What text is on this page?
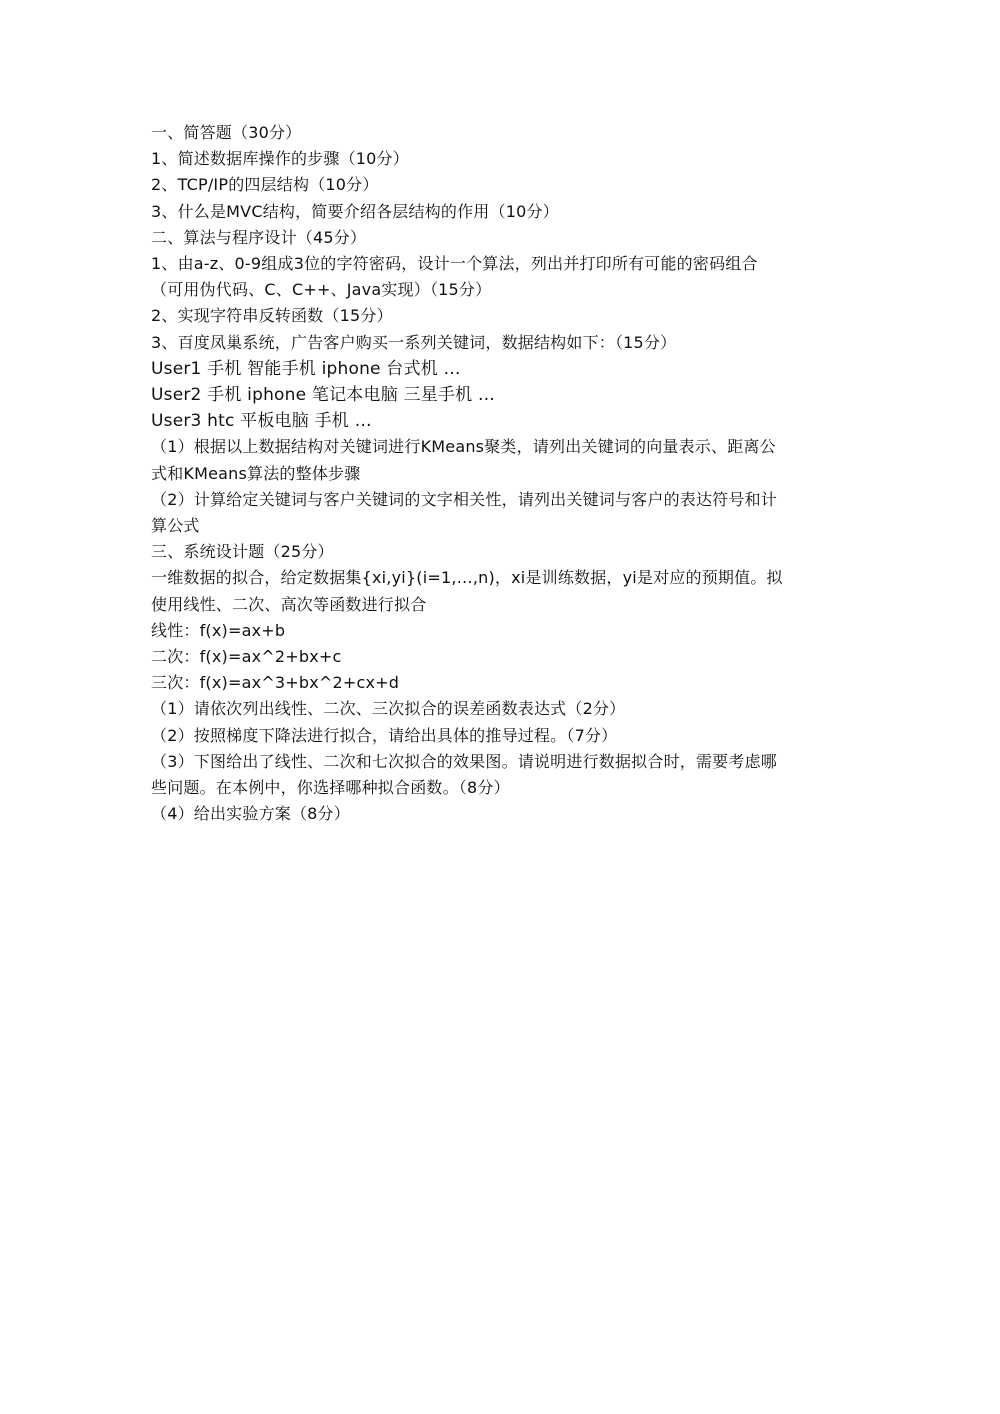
一、简答题（30分）
1、简述数据库操作的步骤（10分）
2、TCP/IP的四层结构（10分）
3、什么是MVC结构，简要介绍各层结构的作用（10分）
二、算法与程序设计（45分）
1、由a-z、0-9组成3位的字符密码，设计一个算法，列出并打印所有可能的密码组合
（可用伪代码、C、C++、Java实现）（15分）
2、实现字符串反转函数（15分）
3、百度凤巢系统，广告客户购买一系列关键词，数据结构如下：（15分）
User1 手机 智能手机 iphone 台式机 …
User2 手机 iphone 笔记本电脑 三星手机 …
User3 htc 平板电脑 手机 …
（1）根据以上数据结构对关键词进行KMeans聚类，请列出关键词的向量表示、距离公
式和KMeans算法的整体步骤
（2）计算给定关键词与客户关键词的文字相关性，请列出关键词与客户的表达符号和计
算公式
三、系统设计题（25分）
一维数据的拟合，给定数据集{xi,yi}(i=1,…,n)，xi是训练数据，yi是对应的预期值。拟
使用线性、二次、高次等函数进行拟合
线性：f(x)=ax+b
二次：f(x)=ax^2+bx+c
三次：f(x)=ax^3+bx^2+cx+d
（1）请依次列出线性、二次、三次拟合的误差函数表达式（2分）
（2）按照梯度下降法进行拟合，请给出具体的推导过程。（7分）
（3）下图给出了线性、二次和七次拟合的效果图。请说明进行数据拟合时，需要考虑哪
些问题。在本例中，你选择哪种拟合函数。（8分）
（4）给出实验方案（8分）
